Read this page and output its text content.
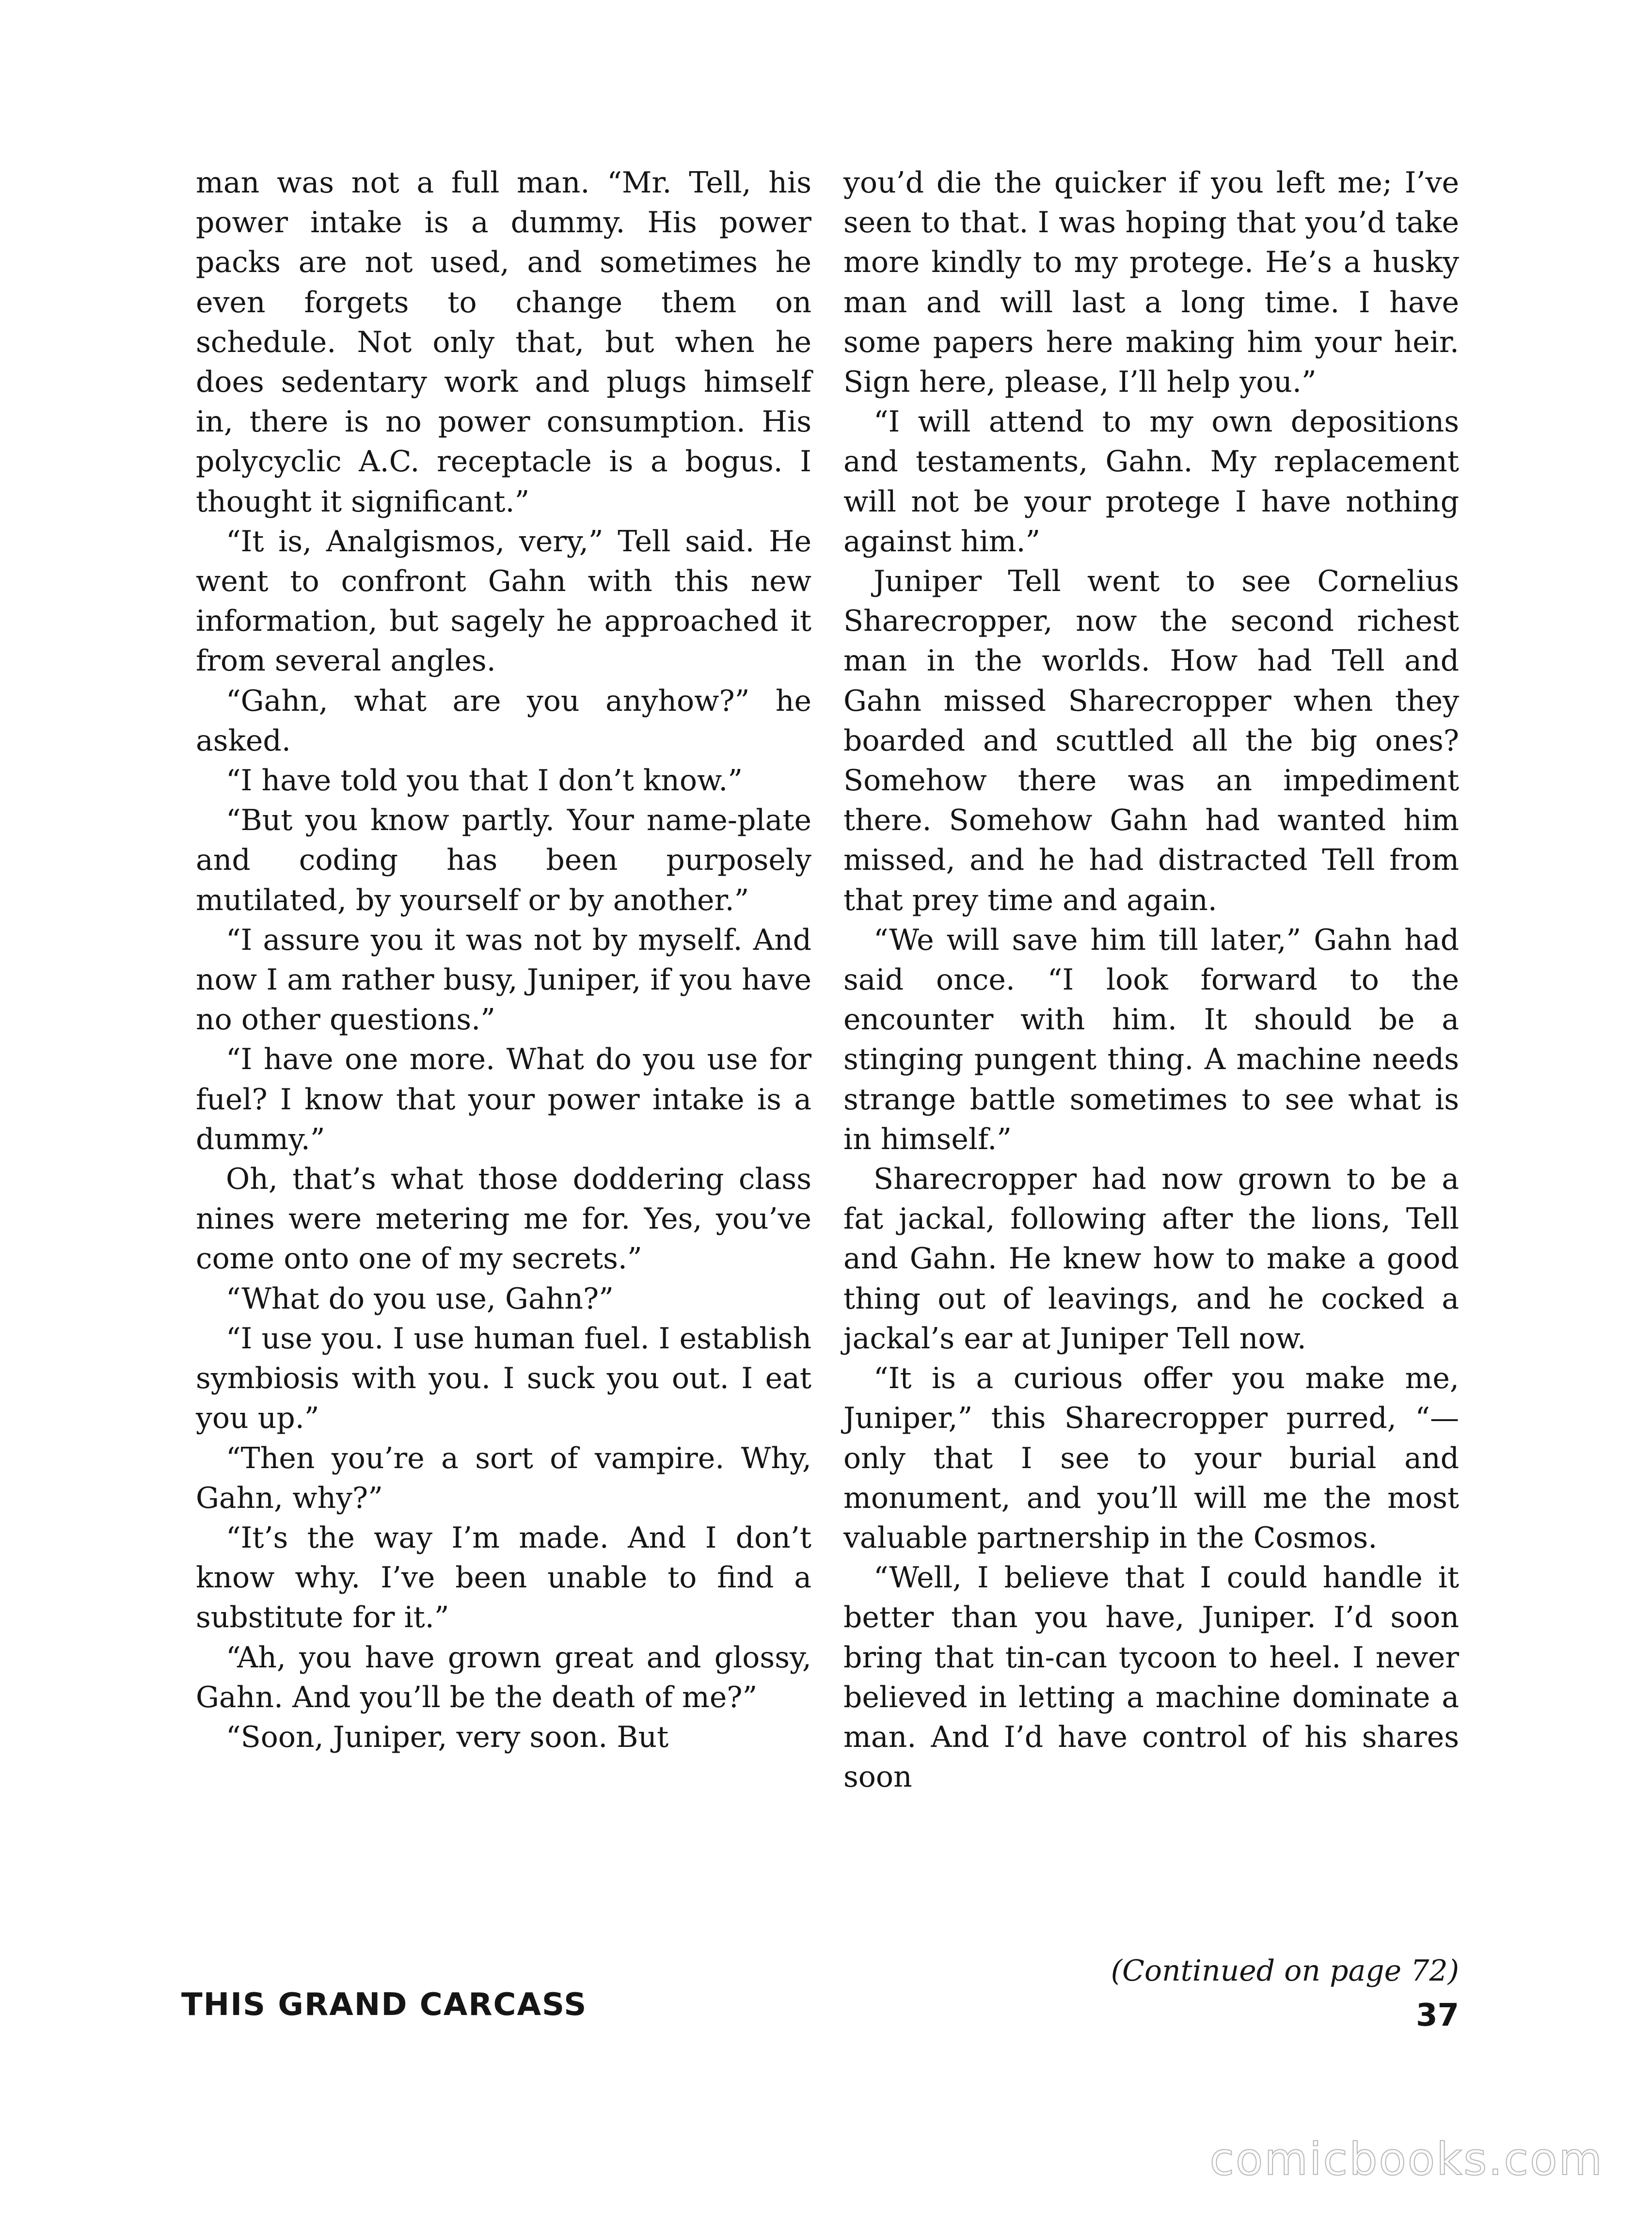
man was not a full man. “Mr. Tell, his power intake is a dummy. His power packs are not used, and sometimes he even forgets to change them on schedule. Not only that, but when he does sedentary work and plugs himself in, there is no power consumption. His polycyclic A.C. receptacle is a bogus. I thought it significant.”

“It is, Analgismos, very,” Tell said. He went to confront Gahn with this new information, but sagely he approached it from several angles.

“Gahn, what are you anyhow?” he asked.

“I have told you that I don’t know.”

“But you know partly. Your name-plate and coding has been purposely mutilated, by yourself or by another.”

“I assure you it was not by myself. And now I am rather busy, Juniper, if you have no other questions.”

“I have one more. What do you use for fuel? I know that your power intake is a dummy.”

Oh, that’s what those doddering class nines were metering me for. Yes, you’ve come onto one of my secrets.”

“What do you use, Gahn?”

“I use you. I use human fuel. I establish symbiosis with you. I suck you out. I eat you up.”

“Then you’re a sort of vampire. Why, Gahn, why?”

“It’s the way I’m made. And I don’t know why. I’ve been unable to find a substitute for it.”

“Ah, you have grown great and glossy, Gahn. And you’ll be the death of me?”

“Soon, Juniper, very soon. But

you’d die the quicker if you left me; I’ve seen to that. I was hoping that you’d take more kindly to my protege. He’s a husky man and will last a long time. I have some papers here making him your heir. Sign here, please, I’ll help you.”

“I will attend to my own depositions and testaments, Gahn. My replacement will not be your protege I have nothing against him.”

Juniper Tell went to see Cornelius Sharecropper, now the second richest man in the worlds. How had Tell and Gahn missed Sharecropper when they boarded and scuttled all the big ones? Somehow there was an impediment there. Somehow Gahn had wanted him missed, and he had distracted Tell from that prey time and again.

“We will save him till later,” Gahn had said once. “I look forward to the encounter with him. It should be a stinging pungent thing. A machine needs strange battle sometimes to see what is in himself.”

Sharecropper had now grown to be a fat jackal, following after the lions, Tell and Gahn. He knew how to make a good thing out of leavings, and he cocked a jackal’s ear at Juniper Tell now.

“It is a curious offer you make me, Juniper,” this Sharecropper purred, “—only that I see to your burial and monument, and you’ll will me the most valuable partnership in the Cosmos.

“Well, I believe that I could handle it better than you have, Juniper. I’d soon bring that tin-can tycoon to heel. I never believed in letting a machine dominate a man. And I’d have control of his shares soon

(Continued on page 72)
THIS GRAND CARCASS	37
comicbooks.com
